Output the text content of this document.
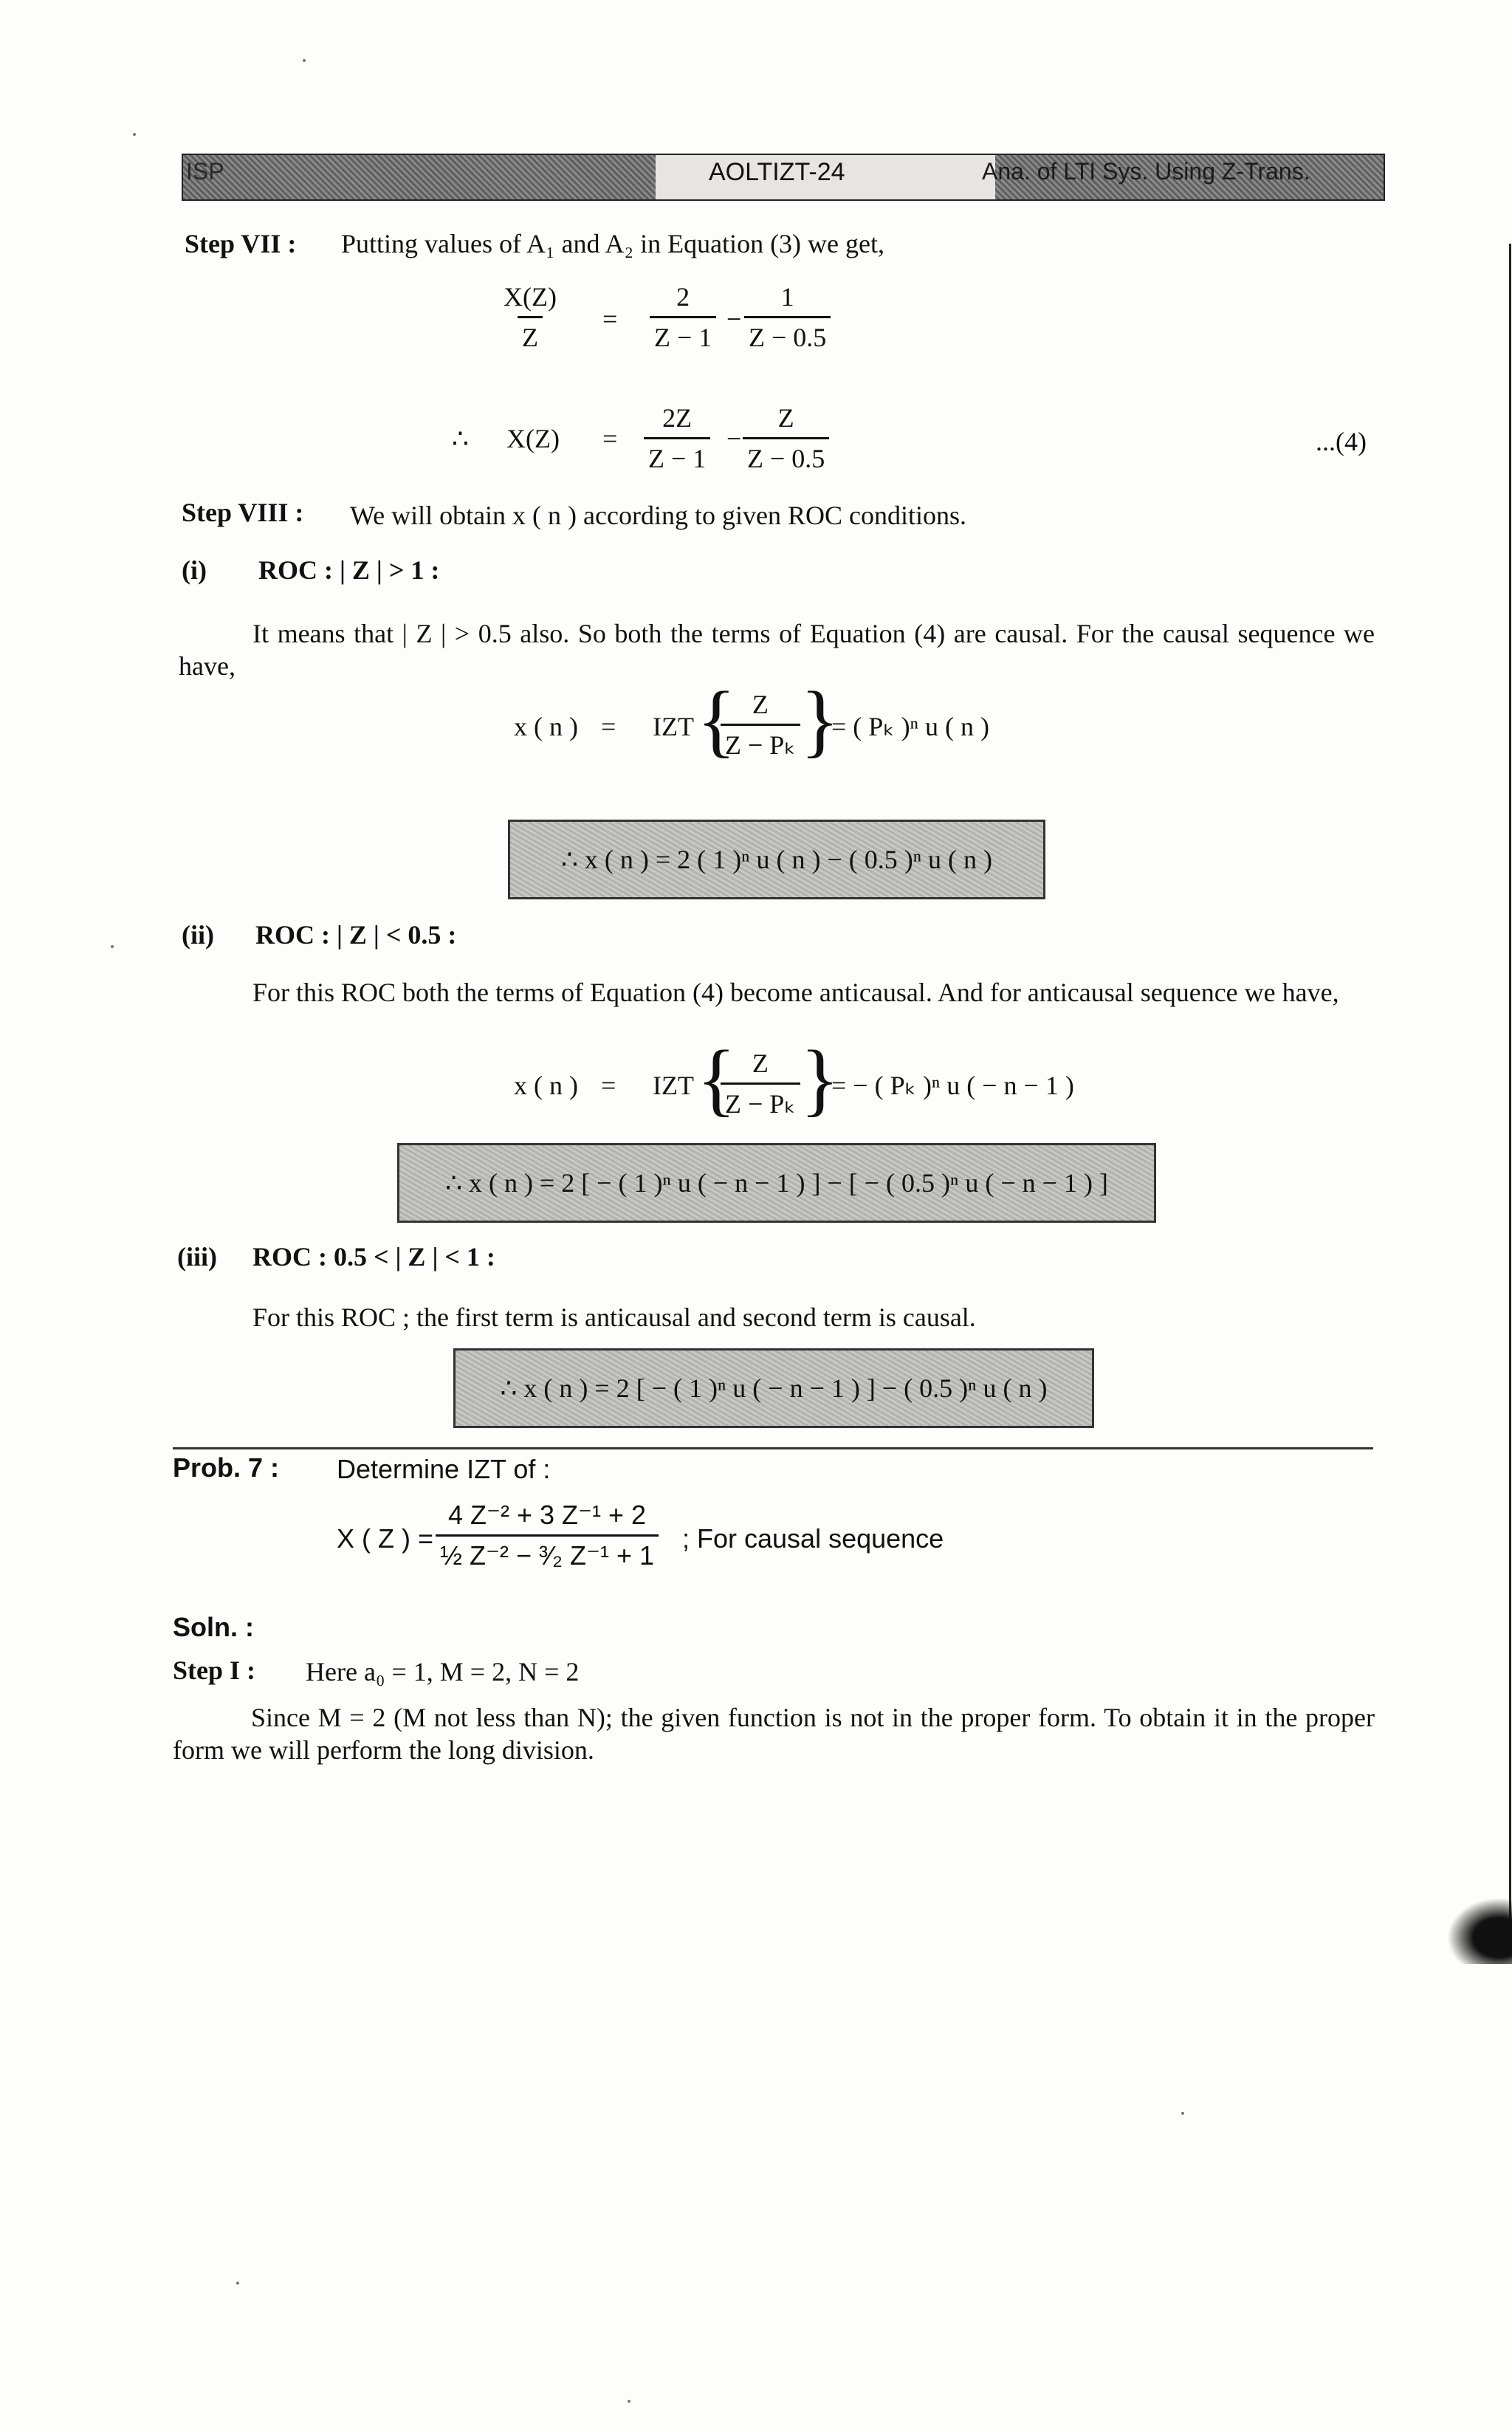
ISP	AOLTIZT-24	Ana. of LTI Sys. Using Z-Trans.
Step VII : Putting values of A₁ and A₂ in Equation (3) we get,
$\frac{X(Z)}{Z} = \frac{2}{Z - 1} - \frac{1}{Z - 0.5}$
∴ $X(Z) = \frac{2Z}{Z - 1} - \frac{Z}{Z - 0.5}$	...(4)
Step VIII : We will obtain x ( n ) according to given ROC conditions.
(i) ROC : | Z | > 1 :
It means that | Z | > 0.5 also. So both the terms of Equation (4) are causal. For the causal sequence we have,
x ( n ) = IZT {
$\frac{Z}{\text{Z − Pₖ}}$ }
= ( Pₖ )ⁿ u ( n )
∴ x ( n ) = 2 ( 1 )ⁿ u ( n ) − ( 0.5 )ⁿ u ( n )
(ii) ROC : | Z | < 0.5 :
For this ROC both the terms of Equation (4) become anticausal. And for anticausal sequence we have,
x ( n ) = IZT {
$\frac{Z}{\text{Z − Pₖ}}$ }
= − ( Pₖ )ⁿ u ( − n − 1 )
∴ x ( n ) = 2 [ − ( 1 )ⁿ u ( − n − 1 ) ] − [ − ( 0.5 )ⁿ u ( − n − 1 ) ]
(iii) ROC : 0.5 < | Z | < 1 :
For this ROC ; the first term is anticausal and second term is causal.
∴ x ( n ) = 2 [ − ( 1 )ⁿ u ( − n − 1 ) ] − ( 0.5 )ⁿ u ( n )
Prob. 7 : Determine IZT of :
X ( Z ) = $\frac{\text{4 Z⁻² + 3 Z⁻¹ + 2}}{\text{½ Z⁻² − ³⁄₂ Z⁻¹ + 1}}$ ; For causal sequence
Soln. :
Step I : Here a₀ = 1, M = 2, N = 2
Since M = 2 (M not less than N); the given function is not in the proper form. To obtain it in the proper form we will perform the long division.
